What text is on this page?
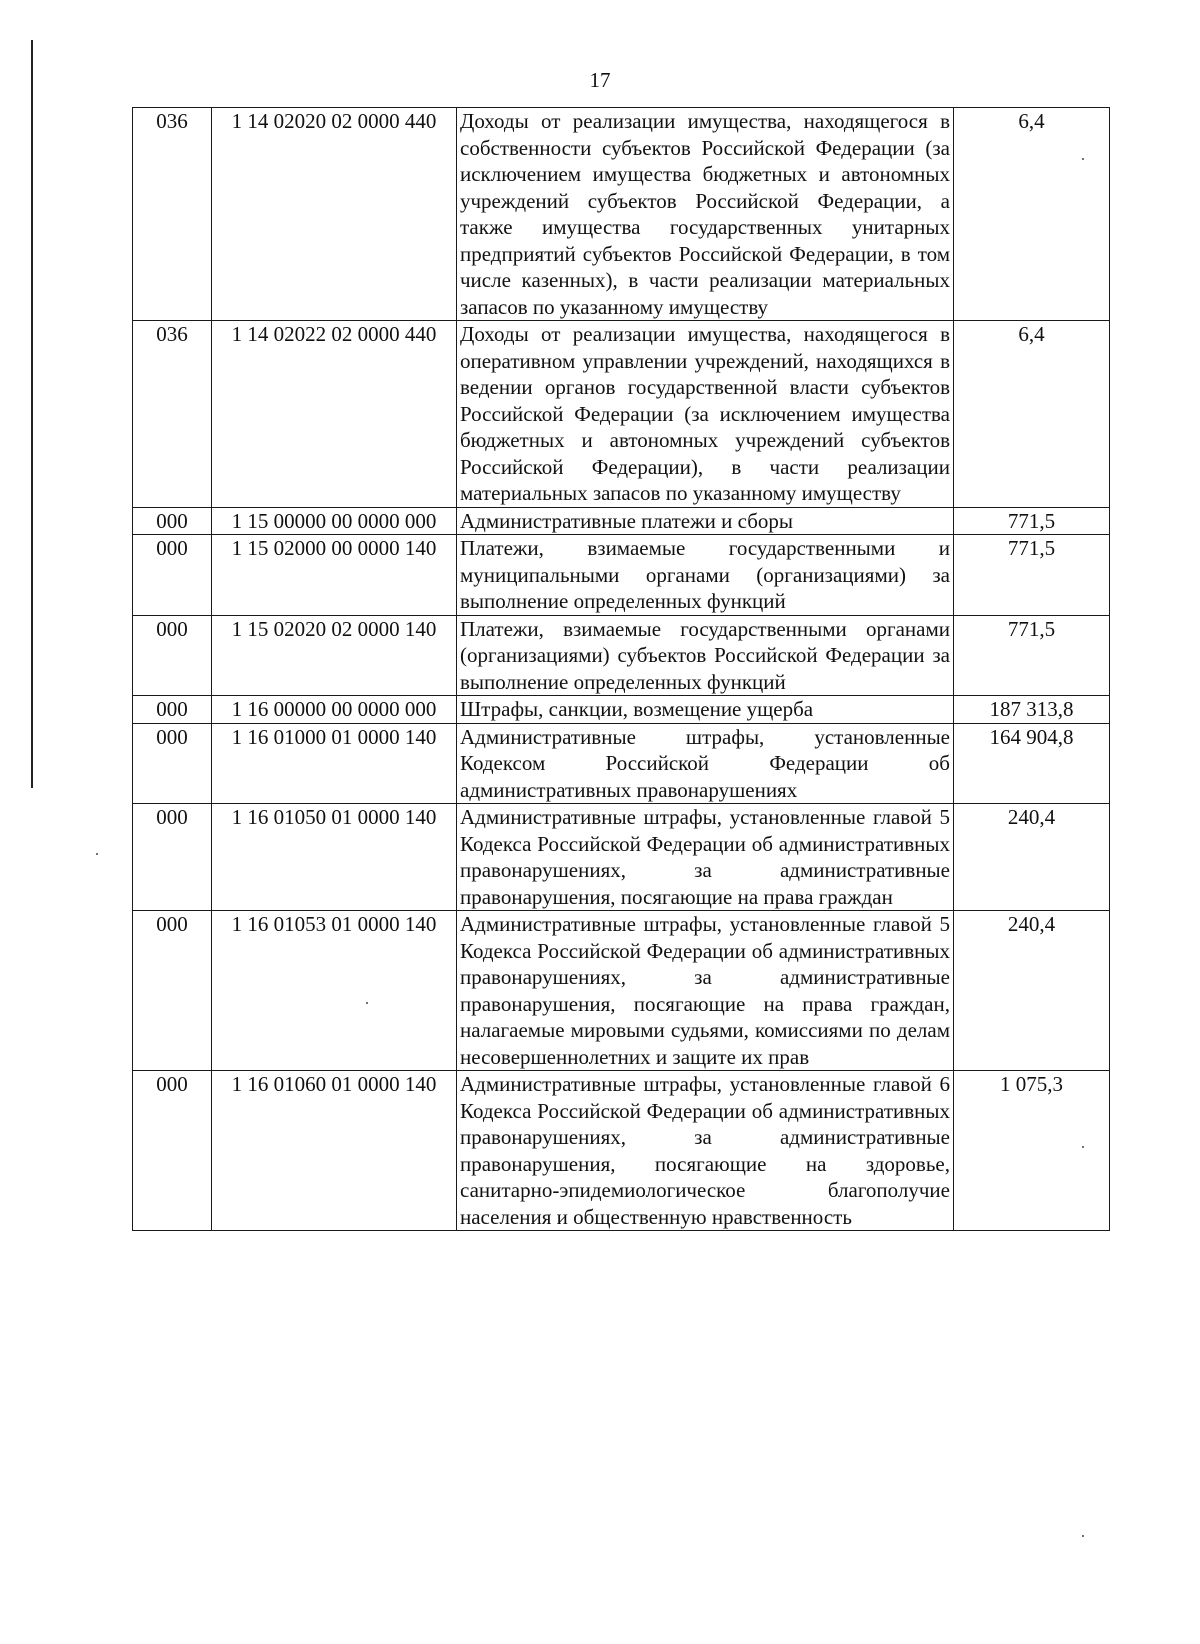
17
036	1 14 02020 02 0000 440	Доходы от реализации имущества, находящегося в собственности субъектов Российской Федерации (за исключением имущества бюджетных и автономных учреждений субъектов Российской Федерации, а также имущества государственных унитарных предприятий субъектов Российской Федерации, в том числе казенных), в части реализации материальных запасов по указанному имуществу	6,4
036	1 14 02022 02 0000 440	Доходы от реализации имущества, находящегося в оперативном управлении учреждений, находящихся в ведении органов государственной власти субъектов Российской Федерации (за исключением имущества бюджетных и автономных учреждений субъектов Российской Федерации), в части реализации материальных запасов по указанному имуществу	6,4
000	1 15 00000 00 0000 000	Административные платежи и сборы	771,5
000	1 15 02000 00 0000 140	Платежи, взимаемые государственными и муниципальными органами (организациями) за выполнение определенных функций	771,5
000	1 15 02020 02 0000 140	Платежи, взимаемые государственными органами (организациями) субъектов Российской Федерации за выполнение определенных функций	771,5
000	1 16 00000 00 0000 000	Штрафы, санкции, возмещение ущерба	187 313,8
000	1 16 01000 01 0000 140	Административные штрафы, установленные Кодексом Российской Федерации об административных правонарушениях	164 904,8
000	1 16 01050 01 0000 140	Административные штрафы, установленные главой 5 Кодекса Российской Федерации об административных правонарушениях, за административные правонарушения, посягающие на права граждан	240,4
000	1 16 01053 01 0000 140	Административные штрафы, установленные главой 5 Кодекса Российской Федерации об административных правонарушениях, за административные правонарушения, посягающие на права граждан, налагаемые мировыми судьями, комиссиями по делам несовершеннолетних и защите их прав	240,4
000	1 16 01060 01 0000 140	Административные штрафы, установленные главой 6 Кодекса Российской Федерации об административных правонарушениях, за административные правонарушения, посягающие на здоровье, санитарно-эпидемиологическое благополучие населения и общественную нравственность	1 075,3
